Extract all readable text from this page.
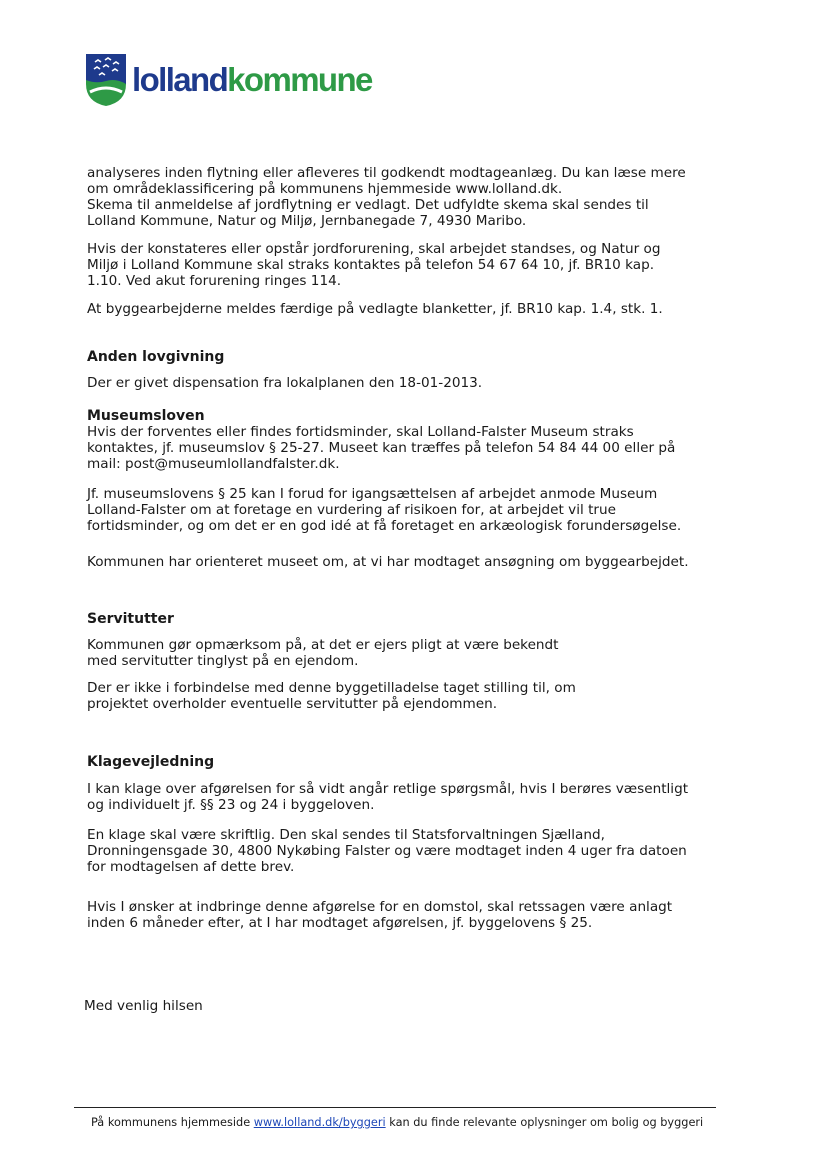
lollandkommune

analyseres inden flytning eller afleveres til godkendt modtageanlæg. Du kan læse mere

om områdeklassificering på kommunens hjemmeside www.lolland.dk.

Skema til anmeldelse af jordflytning er vedlagt. Det udfyldte skema skal sendes til

Lolland Kommune, Natur og Miljø, Jernbanegade 7, 4930 Maribo.

Hvis der konstateres eller opstår jordforurening, skal arbejdet standses, og Natur og

Miljø i Lolland Kommune skal straks kontaktes på telefon 54 67 64 10, jf. BR10 kap.

1.10. Ved akut forurening ringes 114.

At byggearbejderne meldes færdige på vedlagte blanketter, jf. BR10 kap. 1.4, stk. 1.

Anden lovgivning

Der er givet dispensation fra lokalplanen den 18-01-2013.

Museumsloven

Hvis der forventes eller findes fortidsminder, skal Lolland-Falster Museum straks

kontaktes, jf. museumslov § 25-27. Museet kan træffes på telefon 54 84 44 00 eller på

mail: post@museumlollandfalster.dk.

Jf. museumslovens § 25 kan I forud for igangsættelsen af arbejdet anmode Museum

Lolland-Falster om at foretage en vurdering af risikoen for, at arbejdet vil true

fortidsminder, og om det er en god idé at få foretaget en arkæologisk forundersøgelse.

Kommunen har orienteret museet om, at vi har modtaget ansøgning om byggearbejdet.

Servitutter

Kommunen gør opmærksom på, at det er ejers pligt at være bekendt

med servitutter tinglyst på en ejendom.

Der er ikke i forbindelse med denne byggetilladelse taget stilling til, om

projektet overholder eventuelle servitutter på ejendommen.

Klagevejledning

I kan klage over afgørelsen for så vidt angår retlige spørgsmål, hvis I berøres væsentligt

og individuelt jf. §§ 23 og 24 i byggeloven.

En klage skal være skriftlig. Den skal sendes til Statsforvaltningen Sjælland,

Dronningensgade 30, 4800 Nykøbing Falster og være modtaget inden 4 uger fra datoen

for modtagelsen af dette brev.

Hvis I ønsker at indbringe denne afgørelse for en domstol, skal retssagen være anlagt

inden 6 måneder efter, at I har modtaget afgørelsen, jf. byggelovens § 25.

Med venlig hilsen

På kommunens hjemmeside www.lolland.dk/byggeri kan du finde relevante oplysninger om bolig og byggeri
